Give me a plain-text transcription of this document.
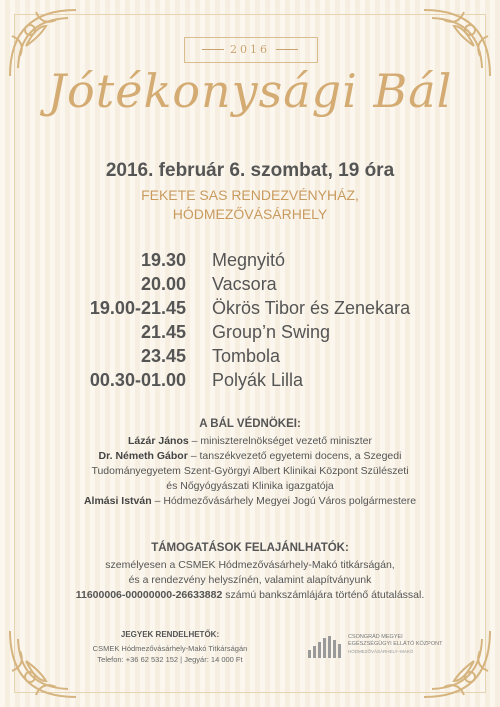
2016
Jótékonysági Bál
2016. február 6. szombat, 19 óra
FEKETE SAS RENDEZVÉNYHÁZ,
HÓDMEZŐVÁSÁRHELY
19.30 Megnyitó
20.00 Vacsora
19.00-21.45 Ökrös Tibor és Zenekara
21.45 Group’n Swing
23.45 Tombola
00.30-01.00 Polyák Lilla
A BÁL VÉDNÖKEI:
Lázár János – miniszterelnökséget vezető miniszter
Dr. Németh Gábor – tanszékvezető egyetemi docens, a Szegedi
Tudományegyetem Szent-Györgyi Albert Klinikai Központ Szülészeti
és Nőgyógyászati Klinika igazgatója
Almási István – Hódmezővásárhely Megyei Jogú Város polgármestere
TÁMOGATÁSOK FELAJÁNLHATÓK:
személyesen a CSMEK Hódmezővásárhely-Makó titkárságán,
és a rendezvény helyszínén, valamint alapítványunk
11600006-00000000-26633882 számú bankszámlájára történő átutalással.
JEGYEK RENDELHETŐK:
CSMEK Hódmezővásárhely-Makó Titkárságán
Telefon: +36 62 532 152 | Jegyár: 14 000 Ft
CSONGRÁD MEGYEI
EGÉSZSÉGÜGYI ELLÁTÓ KÖZPONT
HÓDMEZŐVÁSÁRHELY–MAKÓ
